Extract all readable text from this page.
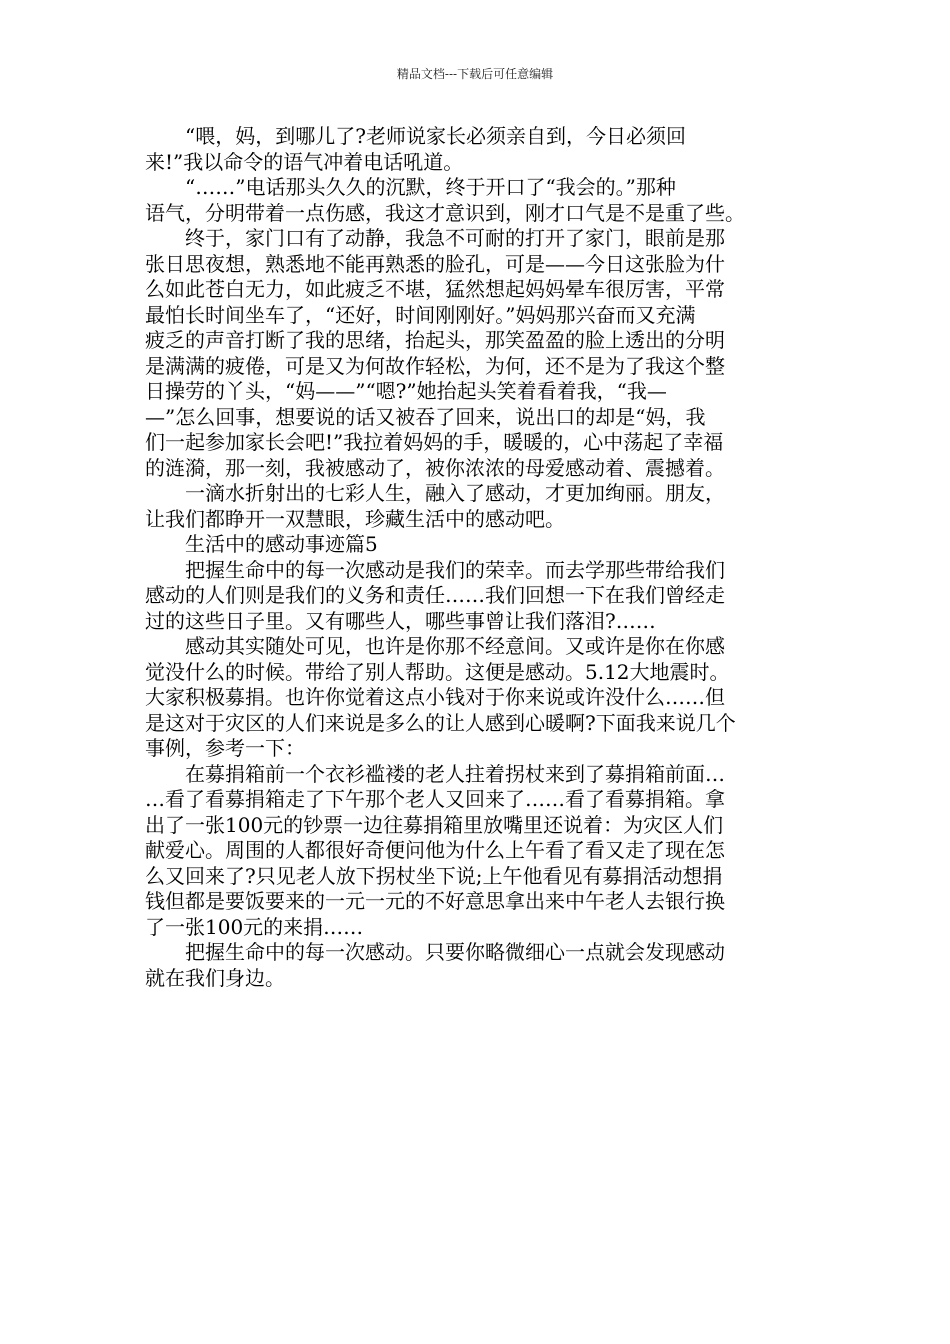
精品文档---下载后可任意编辑
　　“喂，妈，到哪儿了?老师说家长必须亲自到，今日必须回
来!”我以命令的语气冲着电话吼道。
　　“……”电话那头久久的沉默，终于开口了“我会的。”那种
语气，分明带着一点伤感，我这才意识到，刚才口气是不是重了些。
　　终于，家门口有了动静，我急不可耐的打开了家门，眼前是那
张日思夜想，熟悉地不能再熟悉的脸孔，可是——今日这张脸为什
么如此苍白无力，如此疲乏不堪，猛然想起妈妈晕车很厉害，平常
最怕长时间坐车了，“还好，时间刚刚好。”妈妈那兴奋而又充满
疲乏的声音打断了我的思绪，抬起头，那笑盈盈的脸上透出的分明
是满满的疲倦，可是又为何故作轻松，为何，还不是为了我这个整
日操劳的丫头，“妈——”“嗯?”她抬起头笑着看着我，“我—
—”怎么回事，想要说的话又被吞了回来，说出口的却是“妈，我
们一起参加家长会吧!”我拉着妈妈的手，暖暖的，心中荡起了幸福
的涟漪，那一刻，我被感动了，被你浓浓的母爱感动着、震撼着。
　　一滴水折射出的七彩人生，融入了感动，才更加绚丽。朋友，
让我们都睁开一双慧眼，珍藏生活中的感动吧。
　　生活中的感动事迹篇5
　　把握生命中的每一次感动是我们的荣幸。而去学那些带给我们
感动的人们则是我们的义务和责任……我们回想一下在我们曾经走
过的这些日子里。又有哪些人，哪些事曾让我们落泪?……
　　感动其实随处可见，也许是你那不经意间。又或许是你在你感
觉没什么的时候。带给了别人帮助。这便是感动。5.12大地震时。
大家积极募捐。也许你觉着这点小钱对于你来说或许没什么……但
是这对于灾区的人们来说是多么的让人感到心暖啊?下面我来说几个
事例，参考一下：
　　在募捐箱前一个衣衫褴褛的老人拄着拐杖来到了募捐箱前面…
…看了看募捐箱走了下午那个老人又回来了……看了看募捐箱。拿
出了一张100元的钞票一边往募捐箱里放嘴里还说着：为灾区人们
献爱心。周围的人都很好奇便问他为什么上午看了看又走了现在怎
么又回来了?只见老人放下拐杖坐下说;上午他看见有募捐活动想捐
钱但都是要饭要来的一元一元的不好意思拿出来中午老人去银行换
了一张100元的来捐……
　　把握生命中的每一次感动。只要你略微细心一点就会发现感动
就在我们身边。
